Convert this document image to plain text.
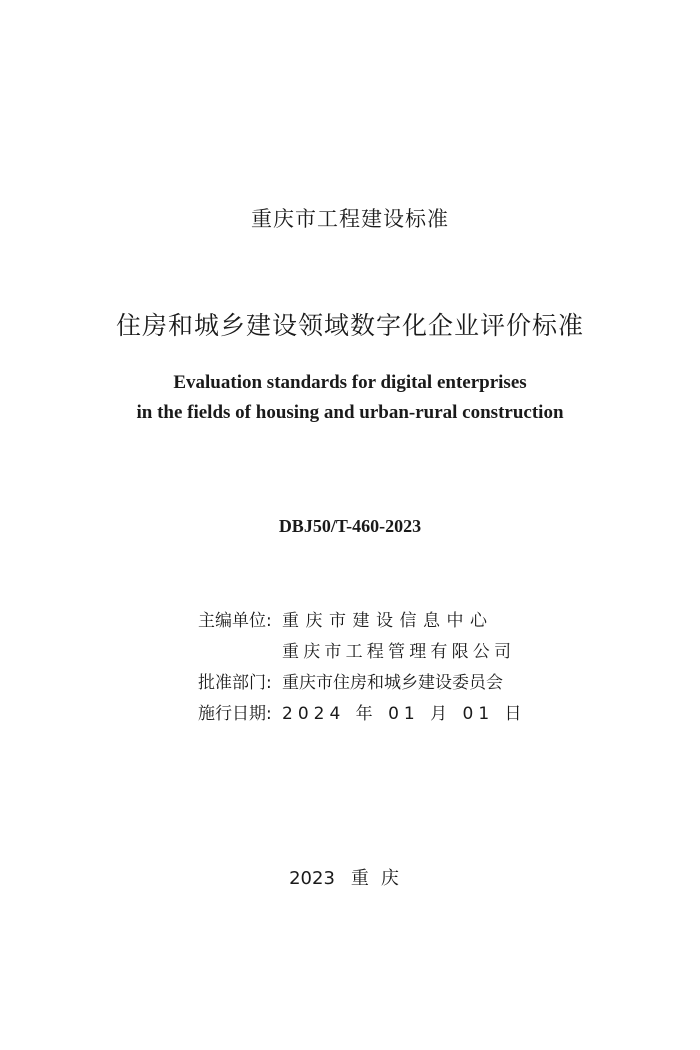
重庆市工程建设标准
住房和城乡建设领域数字化企业评价标准
Evaluation standards for digital enterprises
in the fields of housing and urban-rural construction
DBJ50/T-460-2023
主编单位: 重庆市建设信息中心
重庆市工程管理有限公司
批准部门: 重庆市住房和城乡建设委员会
施行日期: 2024 年 01 月 01 日
2023 重庆
